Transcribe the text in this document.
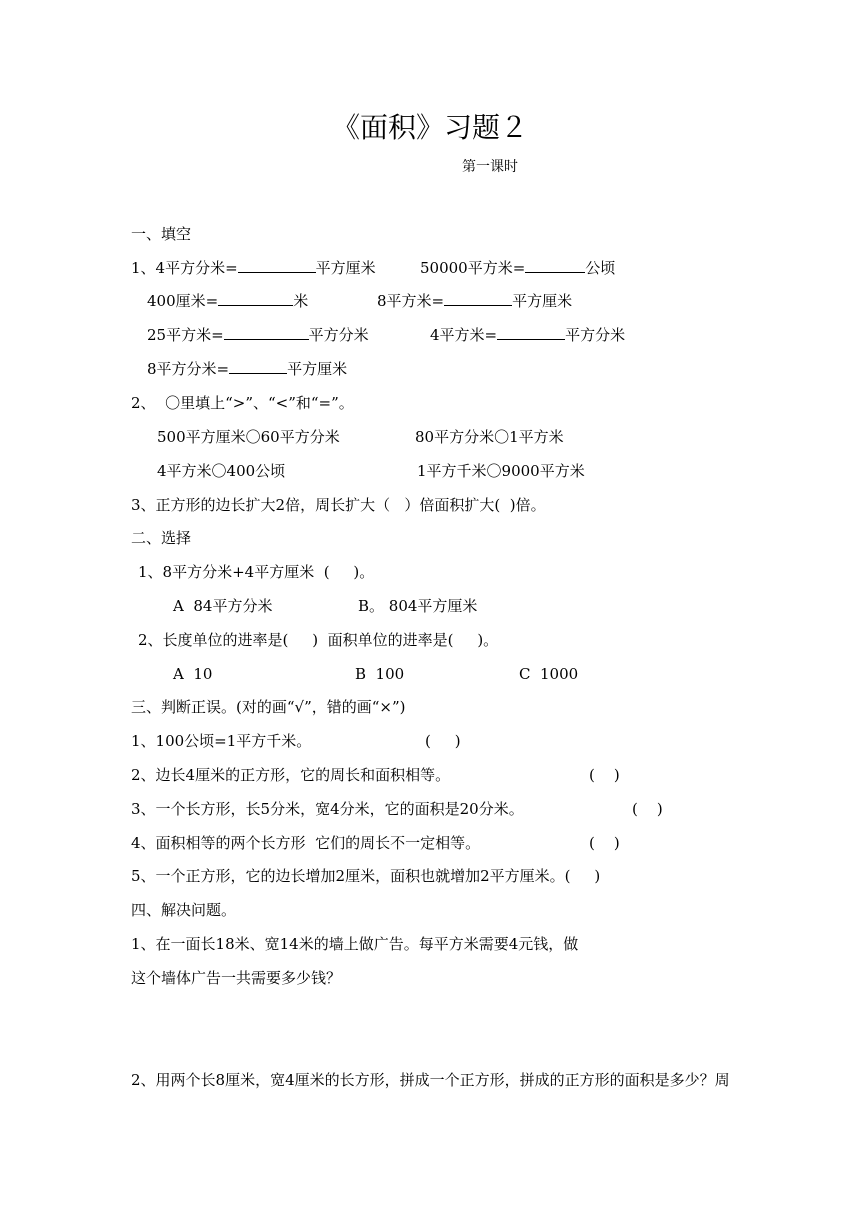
《面积》习题２
第一课时
一、填空
1、4平方分米=	平方厘米	50000平方米=	公顷
400厘米=	米	8平方米=	平方厘米
25平方米=	平方分米	4平方米=	平方分米
8平方分米=	平方厘米
2、  〇里填上“>”、“<”和“=”。
500平方厘米〇60平方分米	80平方分米〇1平方米
4平方米〇400公顷	1平方千米〇9000平方米
3、正方形的边长扩大2倍，周长扩大（   ）倍面积扩大(  )倍。
二、选择
1、8平方分米+4平方厘米  (     )。
A  84平方分米	B。 804平方厘米
2、长度单位的进率是(     )  面积单位的进率是(     )。
A  10	B  100	C  1000
三、判断正误。(对的画“√”，错的画“×”)
1、100公顷=1平方千米。	(     )
2、边长4厘米的正方形，它的周长和面积相等。	(    )
3、一个长方形，长5分米，宽4分米，它的面积是20分米。	(    )
4、面积相等的两个长方形  它们的周长不一定相等。	(    )
5、一个正方形，它的边长增加2厘米，面积也就增加2平方厘米。(     )
四、解决问题。
1、在一面长18米、宽14米的墙上做广告。每平方米需要4元钱，做
这个墙体广告一共需要多少钱？
2、用两个长8厘米，宽4厘米的长方形，拼成一个正方形，拼成的正方形的面积是多少？周
